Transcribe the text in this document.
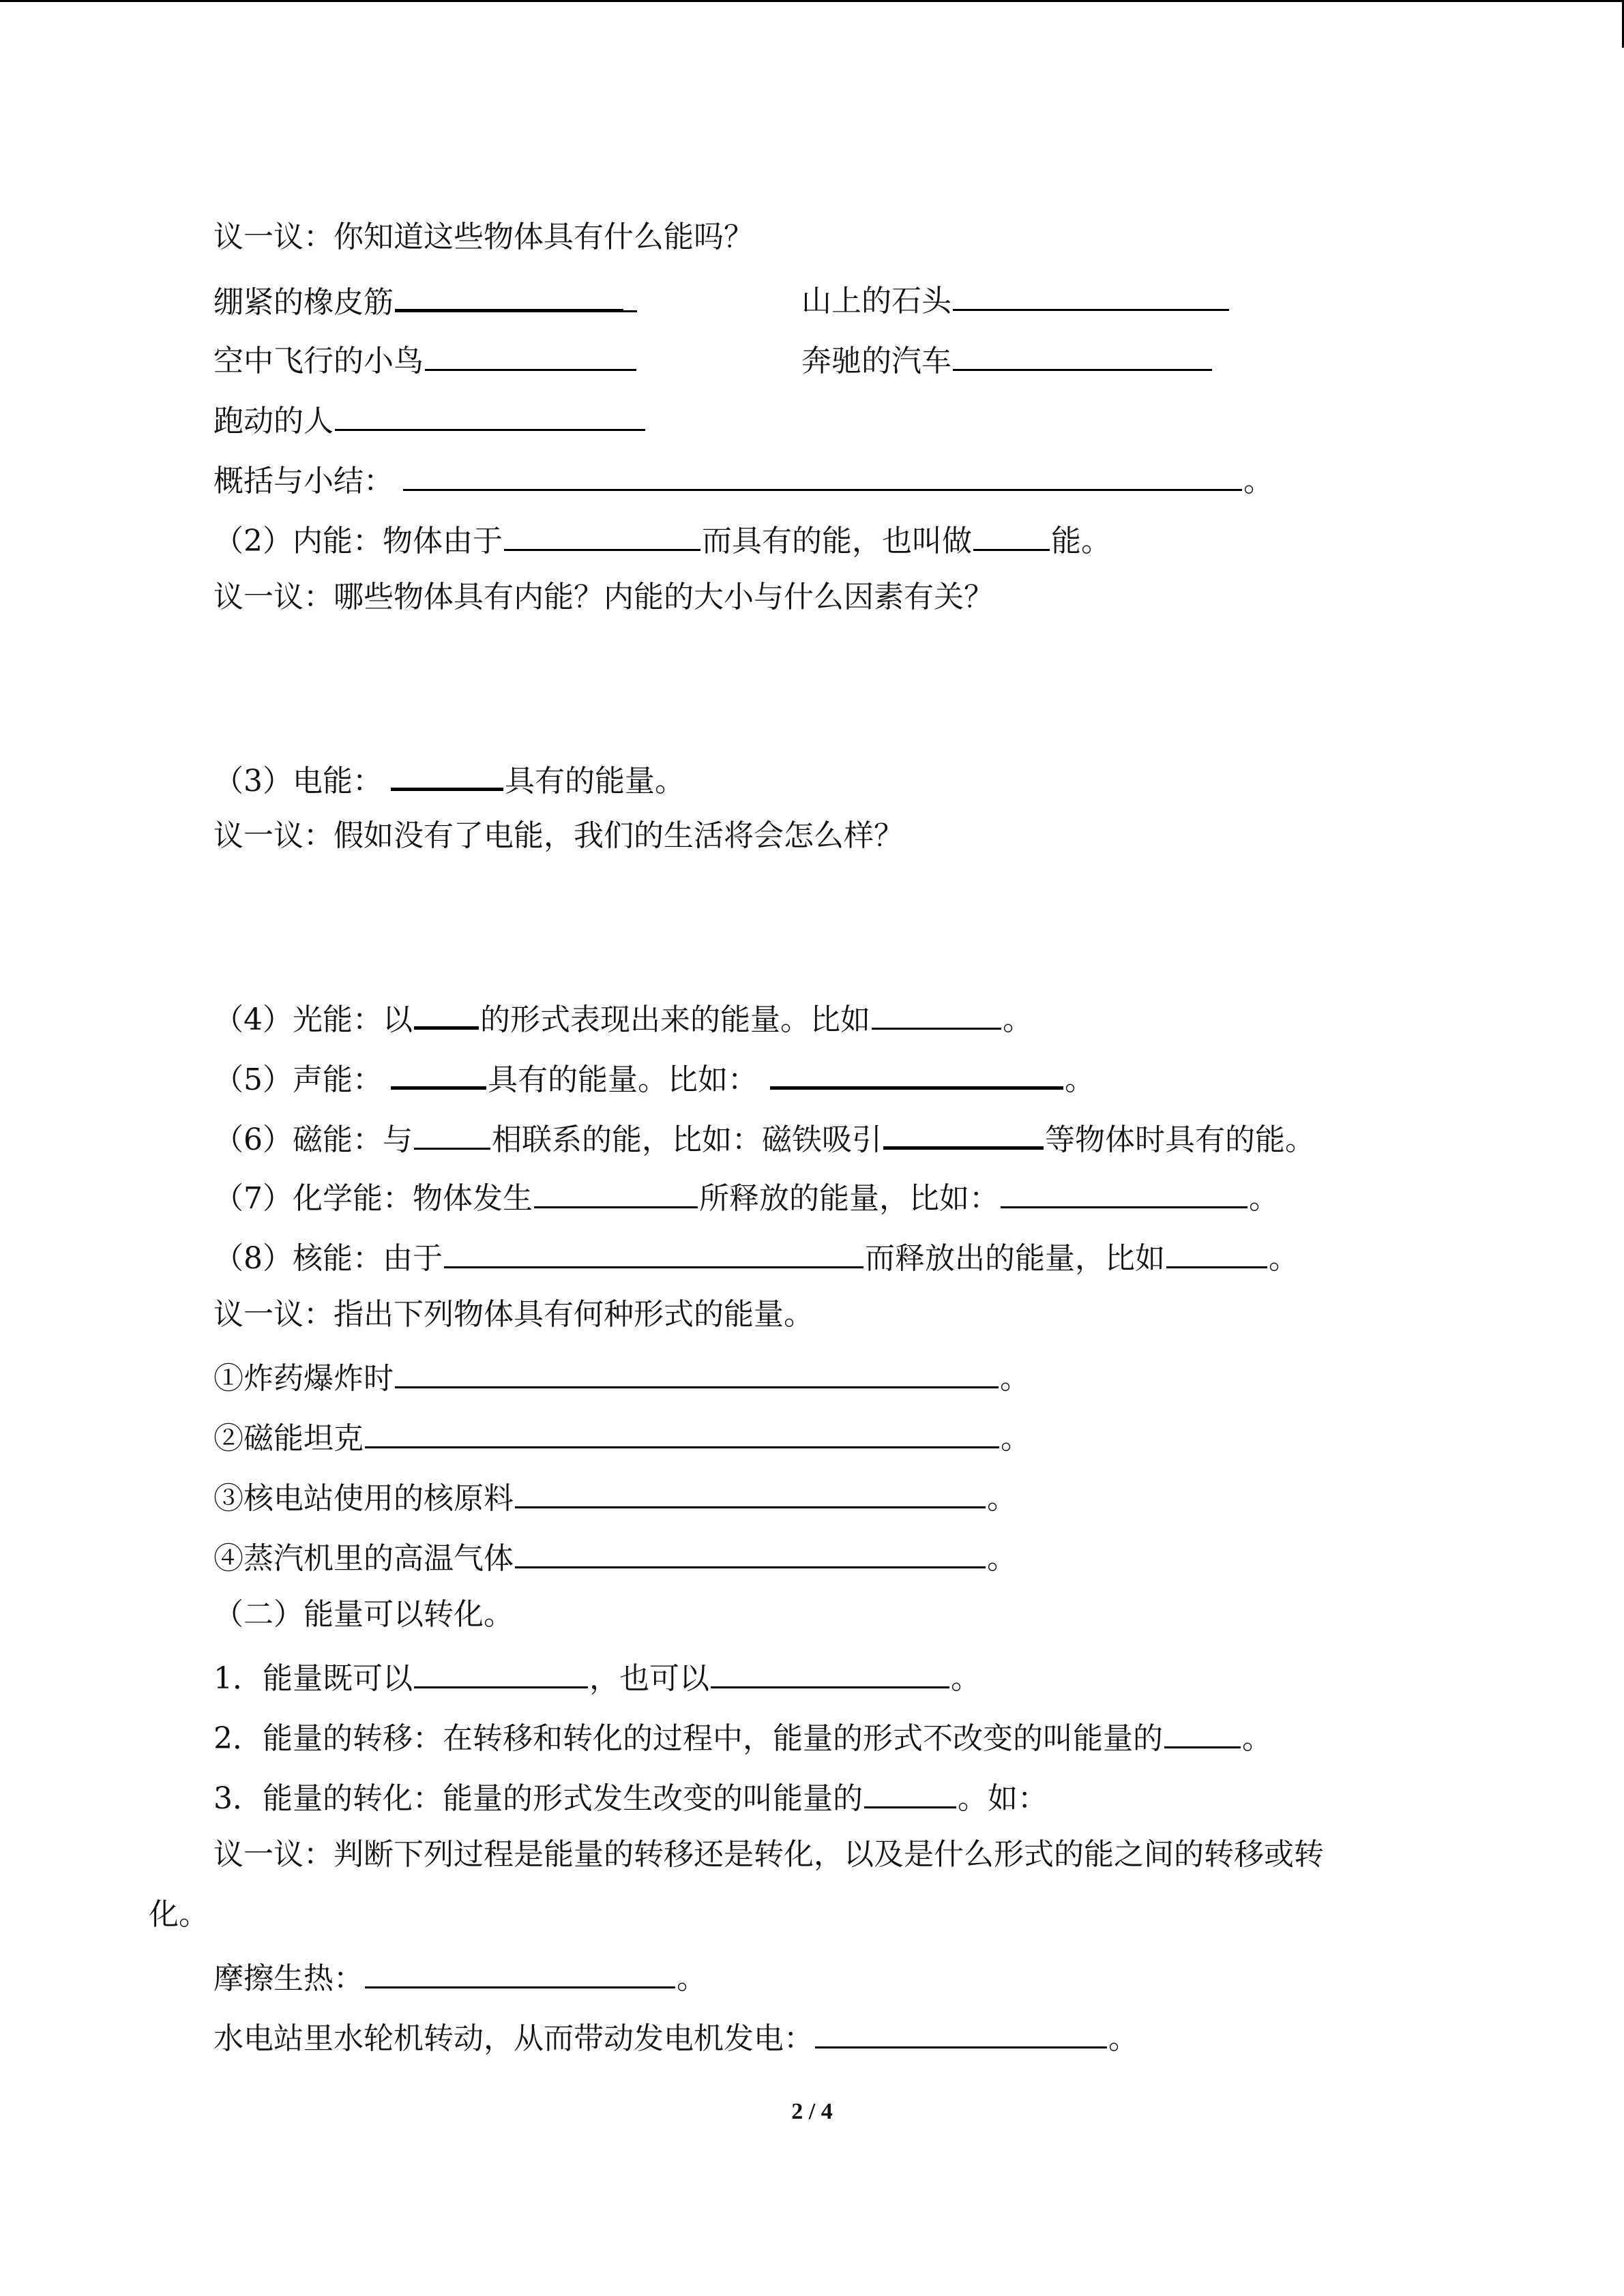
议一议：你知道这些物体具有什么能吗？
绷紧的橡皮筋	山上的石头
空中飞行的小鸟	奔驰的汽车
跑动的人
概括与小结：	。
（2）内能：物体由于	而具有的能，也叫做	能。
议一议：哪些物体具有内能？内能的大小与什么因素有关？
（3）电能：	具有的能量。
议一议：假如没有了电能，我们的生活将会怎么样？
（4）光能：以 的形式表现出来的能量。比如	。
（5）声能：	具有的能量。比如：	。
（6）磁能：与	相联系的能，比如：磁铁吸引	等物体时具有的能。
（7）化学能：物体发生	所释放的能量，比如：	。
（8）核能：由于	而释放出的能量，比如	。
议一议：指出下列物体具有何种形式的能量。
①炸药爆炸时	。
②磁能坦克	。
③核电站使用的核原料	。
④蒸汽机里的高温气体	。
（二）能量可以转化。
1．能量既可以	，也可以	。
2．能量的转移：在转移和转化的过程中，能量的形式不改变的叫能量的	。
3．能量的转化：能量的形式发生改变的叫能量的	。如：
议一议：判断下列过程是能量的转移还是转化，以及是什么形式的能之间的转移或转
化。
摩擦生热：	。
水电站里水轮机转动，从而带动发电机发电：	。
2 / 4
